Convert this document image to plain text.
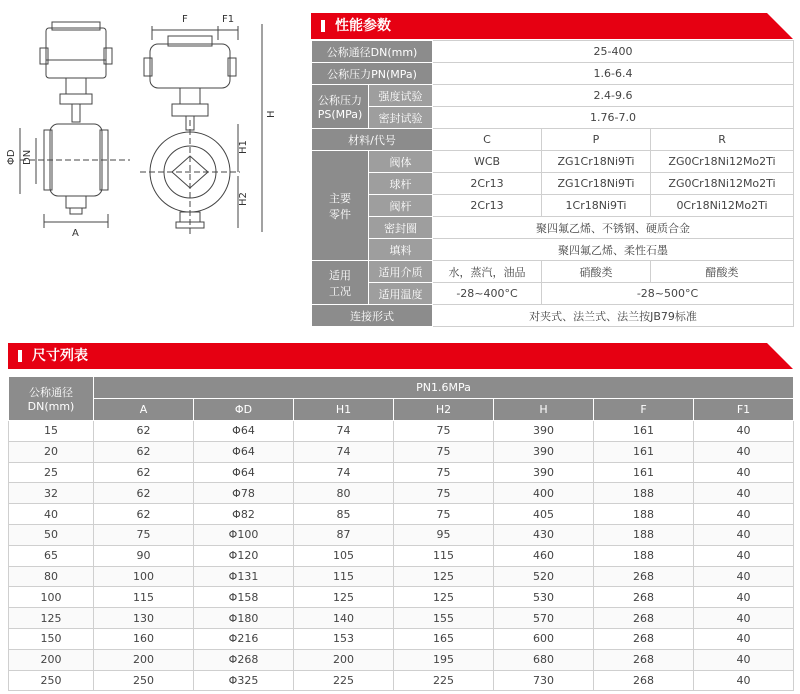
ΦD DN
A
F	F1
H
H1
H2
性能参数
公称通径DN(mm)		25-400		
公称压力PN(MPa)		1.6-6.4		

公称压力
PS(MPa)	强度试验	2.4-9.6		
	密封试验	1.76-7.0		
材料/代号		C	P	R

主要
零件	阀体	WCB	ZG1Cr18Ni9Ti	ZG0Cr18Ni12Mo2Ti
	球杆	2Cr13	ZG1Cr18Ni9Ti	ZG0Cr18Ni12Mo2Ti
	阀杆	2Cr13	1Cr18Ni9Ti	0Cr18Ni12Mo2Ti
	密封圈	聚四氟乙烯、不锈钢、硬质合金		
	填料	聚四氟乙烯、柔性石墨		

适用
工况	适用介质	水，蒸汽，油品	硝酸类	醋酸类
	适用温度	-28~400°C	-28~500°C	
连接形式		对夹式、法兰式、法兰按JB79标准		
尺寸列表
公称通径
DN(mm)	PN1.6MPa						
	A	ΦD	H1	H2	H	F	F1
15	62	Φ64	74	75	390	161	40
20	62	Φ64	74	75	390	161	40
25	62	Φ64	74	75	390	161	40
32	62	Φ78	80	75	400	188	40
40	62	Φ82	85	75	405	188	40
50	75	Φ100	87	95	430	188	40
65	90	Φ120	105	115	460	188	40
80	100	Φ131	115	125	520	268	40
100	115	Φ158	125	125	530	268	40
125	130	Φ180	140	155	570	268	40
150	160	Φ216	153	165	600	268	40
200	200	Φ268	200	195	680	268	40
250	250	Φ325	225	225	730	268	40
